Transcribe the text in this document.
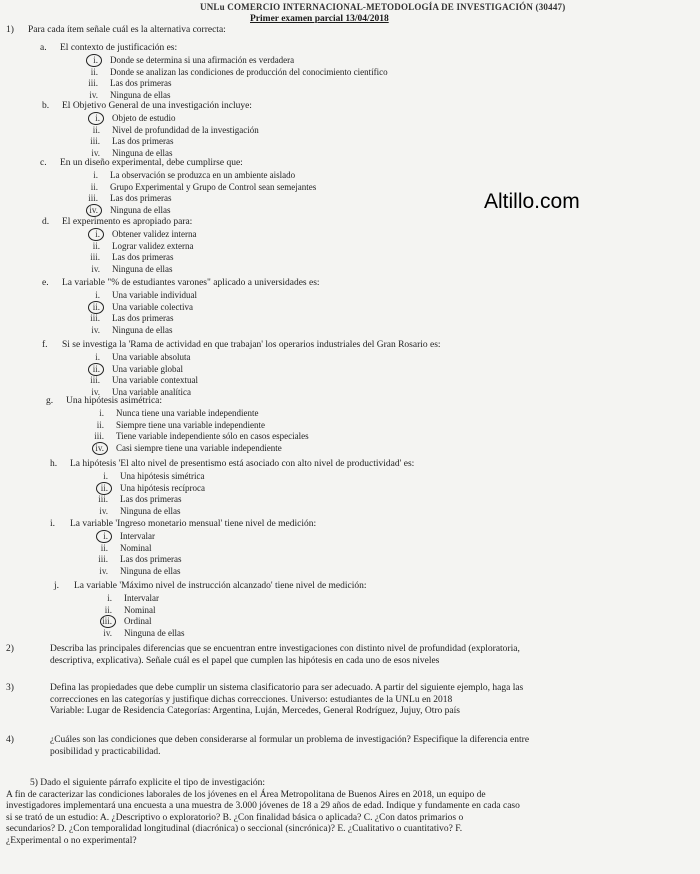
UNLu COMERCIO INTERNACIONAL-METODOLOGÍA DE INVESTIGACIÓN (30447)
Primer examen parcial 13/04/2018
Altillo.com
1) Para cada ítem señale cuál es la alternativa correcta:
a. El contexto de justificación es:
i. Donde se determina si una afirmación es verdadera
ii. Donde se analizan las condiciones de producción del conocimiento científico
iii. Las dos primeras
iv. Ninguna de ellas
b. El Objetivo General de una investigación incluye:
i. Objeto de estudio
ii. Nivel de profundidad de la investigación
iii. Las dos primeras
iv. Ninguna de ellas
c. En un diseño experimental, debe cumplirse que:
i. La observación se produzca en un ambiente aislado
ii. Grupo Experimental y Grupo de Control sean semejantes
iii. Las dos primeras
iv. Ninguna de ellas
d. El experimento es apropiado para:
i. Obtener validez interna
ii. Lograr validez externa
iii. Las dos primeras
iv. Ninguna de ellas
e. La variable "% de estudiantes varones" aplicado a universidades es:
i. Una variable individual
ii. Una variable colectiva
iii. Las dos primeras
iv. Ninguna de ellas
f. Si se investiga la 'Rama de actividad en que trabajan' los operarios industriales del Gran Rosario es:
i. Una variable absoluta
ii. Una variable global
iii. Una variable contextual
iv. Una variable analítica
g. Una hipótesis asimétrica:
i. Nunca tiene una variable independiente
ii. Siempre tiene una variable independiente
iii. Tiene variable independiente sólo en casos especiales
iv. Casi siempre tiene una variable independiente
h. La hipótesis 'El alto nivel de presentismo está asociado con alto nivel de productividad' es:
i. Una hipótesis simétrica
ii. Una hipótesis recíproca
iii. Las dos primeras
iv. Ninguna de ellas
i. La variable 'Ingreso monetario mensual' tiene nivel de medición:
i. Intervalar
ii. Nominal
iii. Las dos primeras
iv. Ninguna de ellas
j. La variable 'Máximo nivel de instrucción alcanzado' tiene nivel de medición:
i. Intervalar
ii. Nominal
iii. Ordinal
iv. Ninguna de ellas
2)	Describa las principales diferencias que se encuentran entre investigaciones con distinto nivel de profundidad (exploratoria,
descriptiva, explicativa). Señale cuál es el papel que cumplen las hipótesis en cada uno de esos niveles
3)	Defina las propiedades que debe cumplir un sistema clasificatorio para ser adecuado. A partir del siguiente ejemplo, haga las
correcciones en las categorías y justifique dichas correcciones. Universo: estudiantes de la UNLu en 2018
Variable: Lugar de Residencia Categorías: Argentina, Luján, Mercedes, General Rodríguez, Jujuy, Otro país
4)	¿Cuáles son las condiciones que deben considerarse al formular un problema de investigación? Especifique la diferencia entre
posibilidad y practicabilidad.
5) Dado el siguiente párrafo explicite el tipo de investigación:
A fin de caracterizar las condiciones laborales de los jóvenes en el Área Metropolitana de Buenos Aires en 2018, un equipo de
investigadores implementará una encuesta a una muestra de 3.000 jóvenes de 18 a 29 años de edad. Indique y fundamente en cada caso
si se trató de un estudio: A. ¿Descriptivo o exploratorio? B. ¿Con finalidad básica o aplicada? C. ¿Con datos primarios o
secundarios? D. ¿Con temporalidad longitudinal (diacrónica) o seccional (sincrónica)? E. ¿Cualitativo o cuantitativo? F.
¿Experimental o no experimental?
